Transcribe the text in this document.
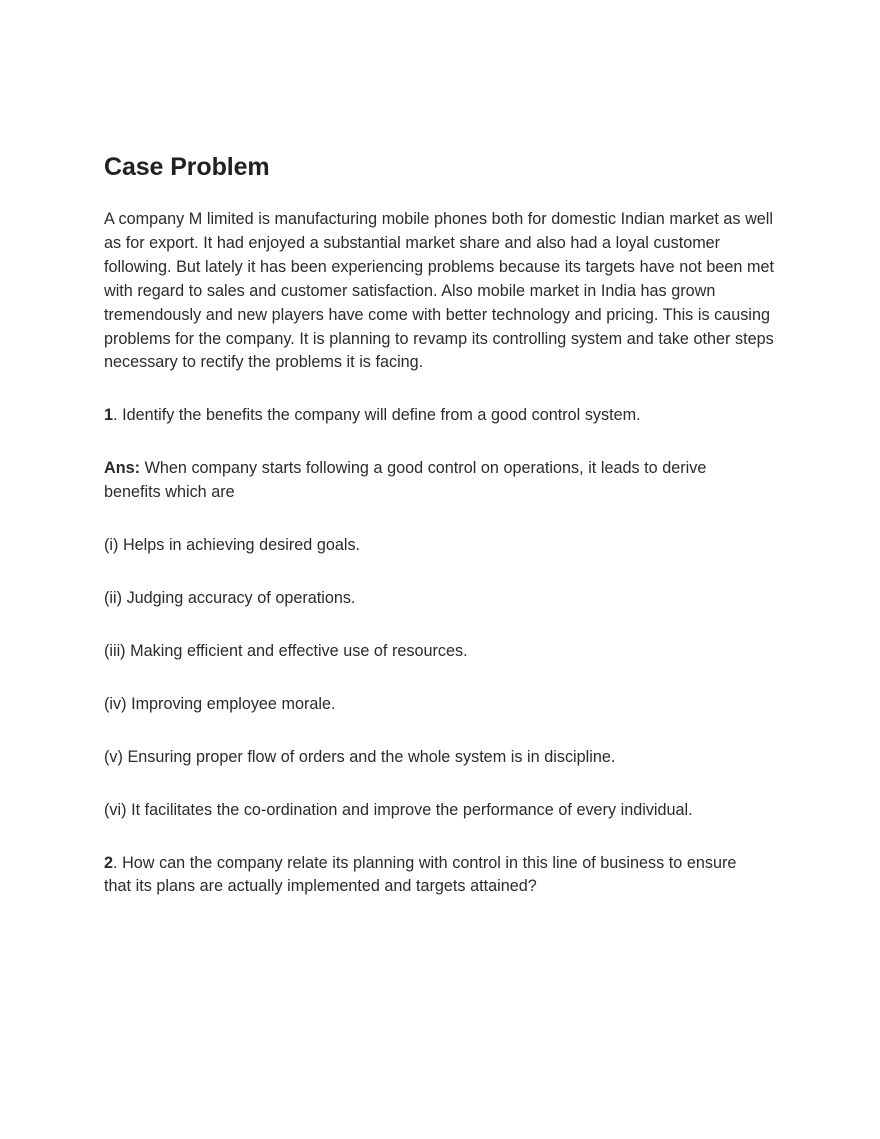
Case Problem

A company M limited is manufacturing mobile phones both for domestic Indian market as well as for export. It had enjoyed a substantial market share and also had a loyal customer following. But lately it has been experiencing problems because its targets have not been met with regard to sales and customer satisfaction. Also mobile market in India has grown tremendously and new players have come with better technology and pricing. This is causing problems for the company. It is planning to revamp its controlling system and take other steps necessary to rectify the problems it is facing.

1. Identify the benefits the company will define from a good control system.

Ans: When company starts following a good control on operations, it leads to derive benefits which are

(i) Helps in achieving desired goals.

(ii) Judging accuracy of operations.

(iii) Making efficient and effective use of resources.

(iv) Improving employee morale.

(v) Ensuring proper flow of orders and the whole system is in discipline.

(vi) It facilitates the co-ordination and improve the performance of every individual.

2. How can the company relate its planning with control in this line of business to ensure that its plans are actually implemented and targets attained?
